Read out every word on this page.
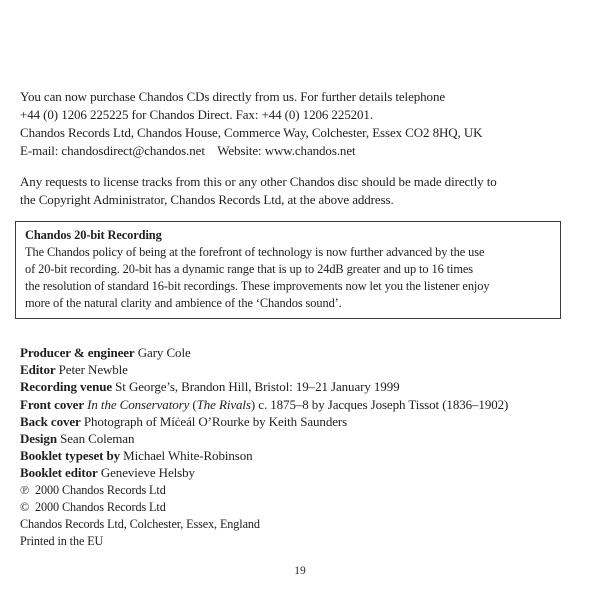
You can now purchase Chandos CDs directly from us. For further details telephone
+44 (0) 1206 225225 for Chandos Direct. Fax: +44 (0) 1206 225201.
Chandos Records Ltd, Chandos House, Commerce Way, Colchester, Essex CO2 8HQ, UK
E-mail: chandosdirect@chandos.net    Website: www.chandos.net
Any requests to license tracks from this or any other Chandos disc should be made directly to
the Copyright Administrator, Chandos Records Ltd, at the above address.
Chandos 20-bit Recording
The Chandos policy of being at the forefront of technology is now further advanced by the use
of 20-bit recording. 20-bit has a dynamic range that is up to 24dB greater and up to 16 times
the resolution of standard 16-bit recordings. These improvements now let you the listener enjoy
more of the natural clarity and ambience of the ‘Chandos sound’.
Producer & engineer Gary Cole
Editor Peter Newble
Recording venue St George’s, Brandon Hill, Bristol: 19–21 January 1999
Front cover In the Conservatory (The Rivals) c. 1875–8 by Jacques Joseph Tissot (1836–1902)
Back cover Photograph of Míċeál O’Rourke by Keith Saunders
Design Sean Coleman
Booklet typeset by Michael White-Robinson
Booklet editor Genevieve Helsby
℗  2000 Chandos Records Ltd
©  2000 Chandos Records Ltd
Chandos Records Ltd, Colchester, Essex, England
Printed in the EU
19
